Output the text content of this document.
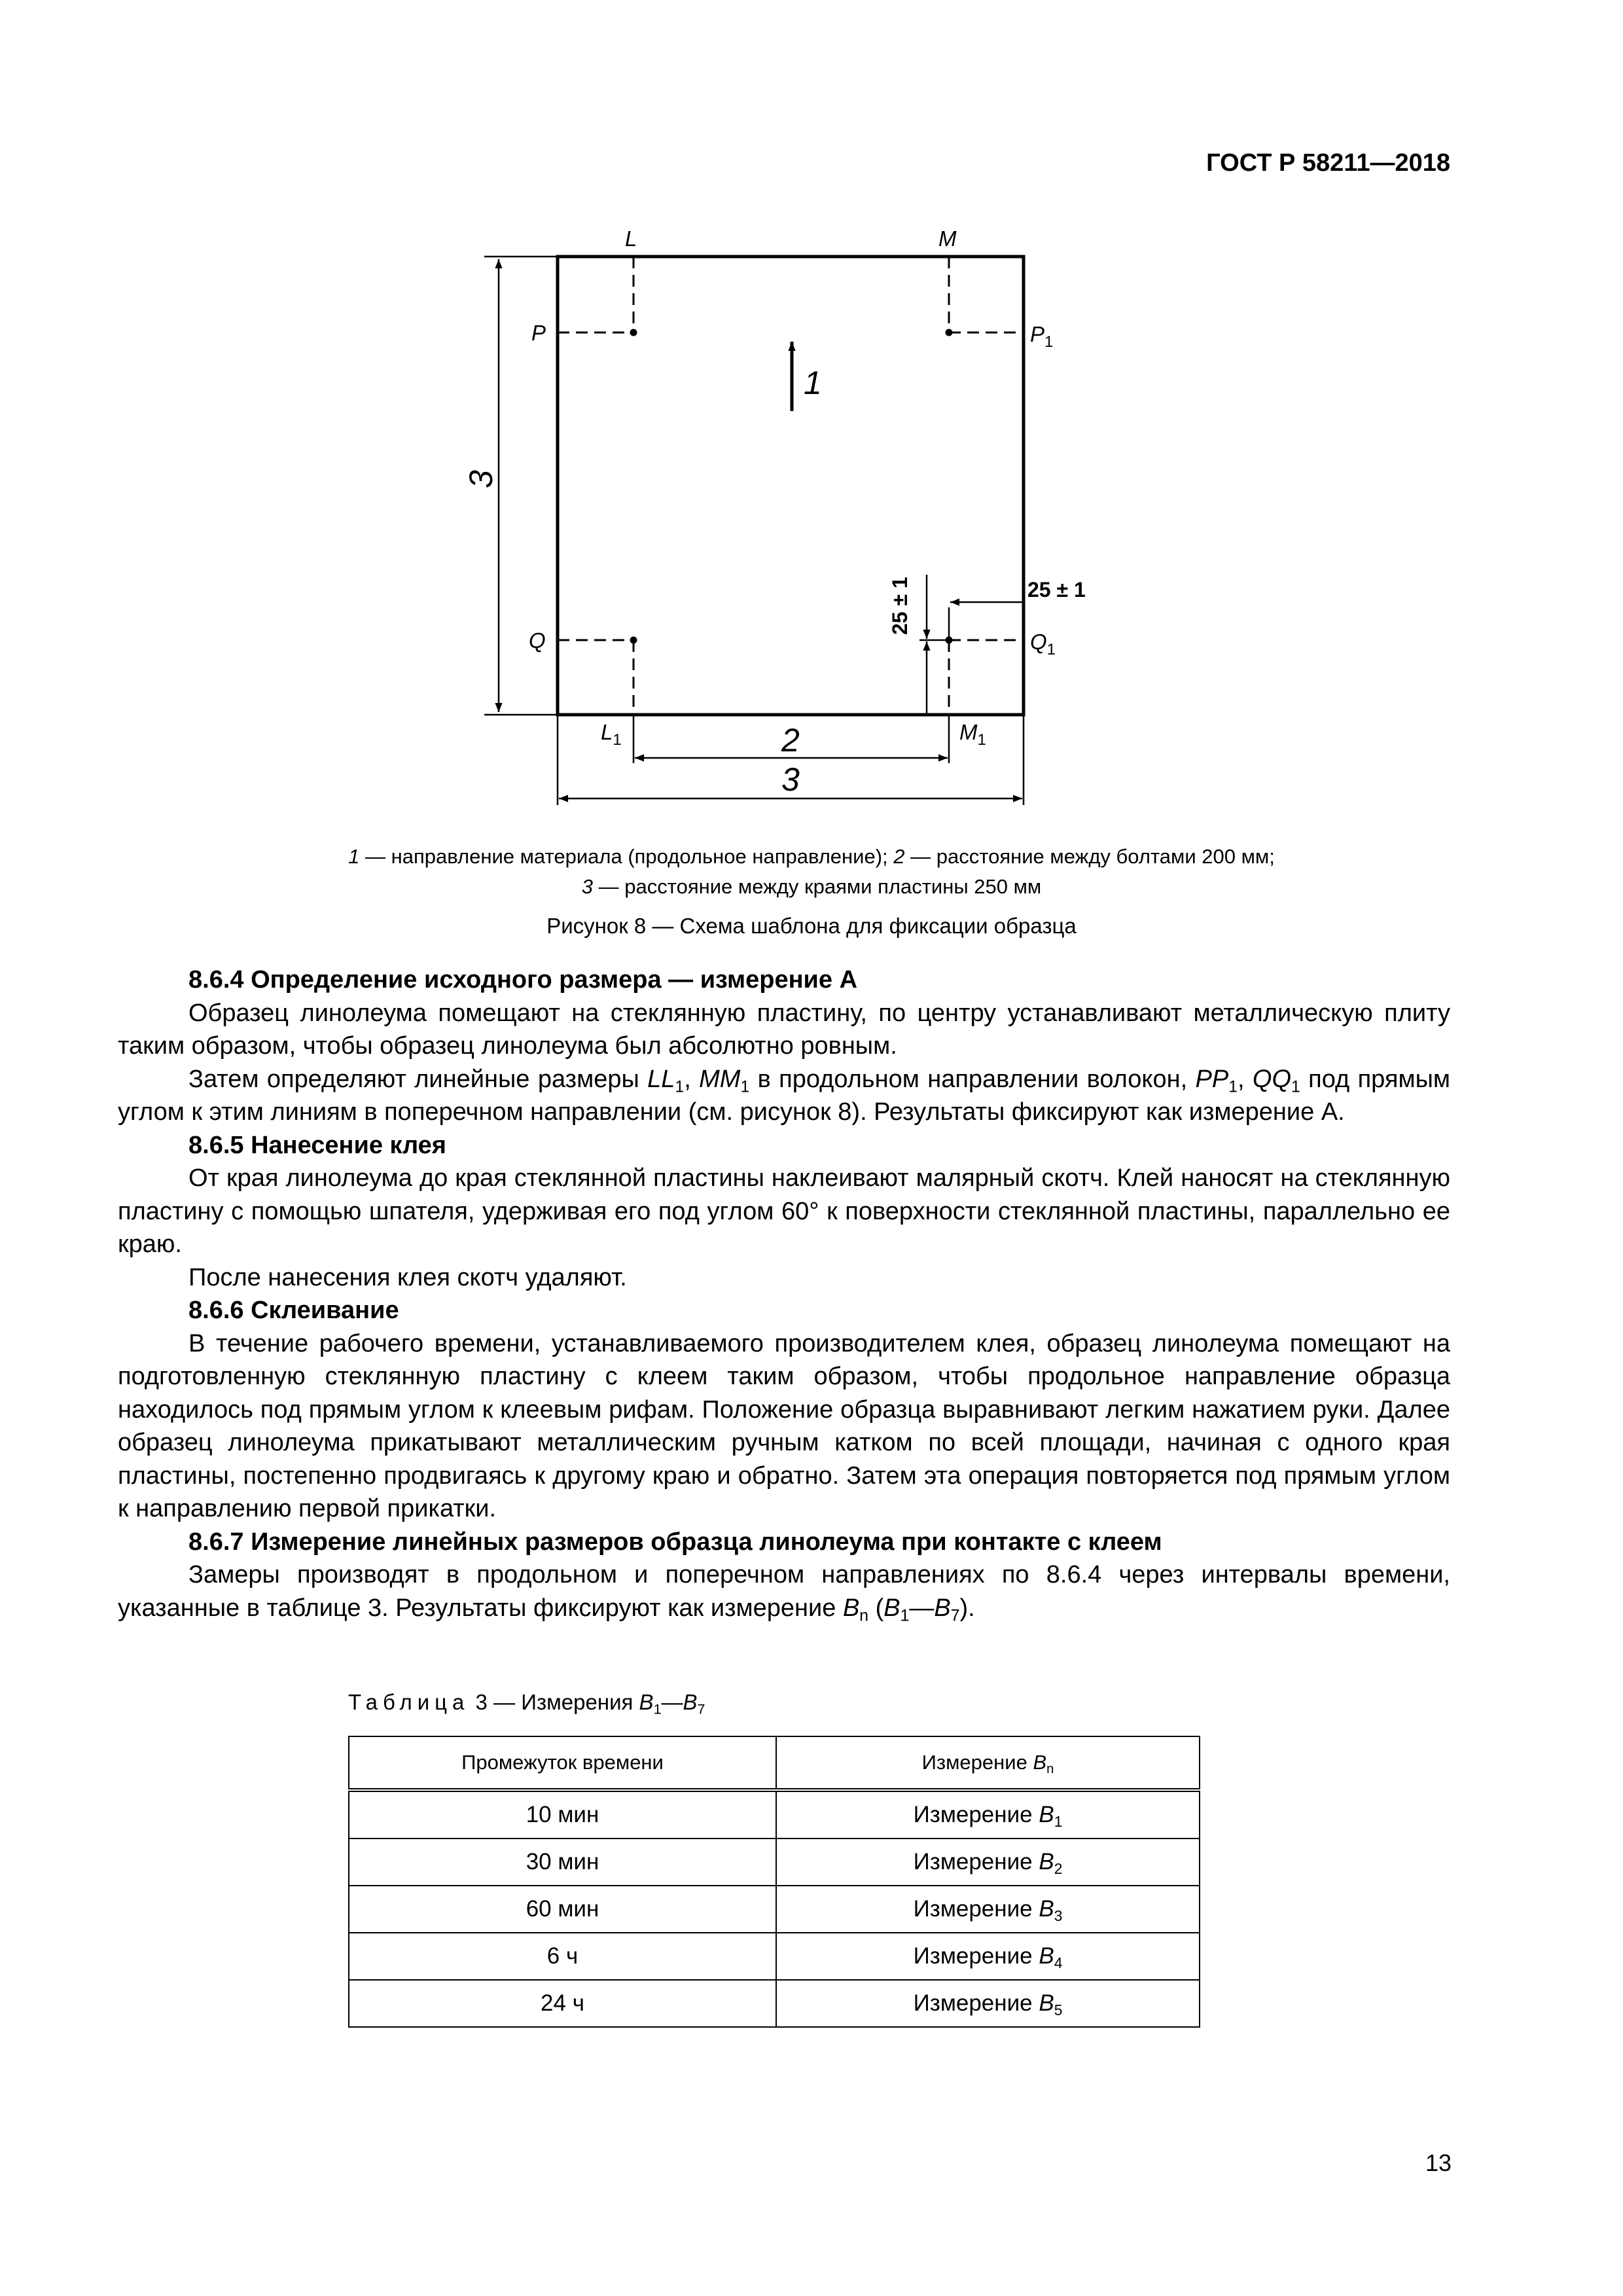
ГОСТ Р 58211—2018
L	M
P	$P_1$
Q	$Q_1$
$L_1$	$M_1$
1
2
3
3
25 ± 1
25 ± 1
1 — направление материала (продольное направление); 2 — расстояние между болтами 200 мм;
3 — расстояние между краями пластины 250 мм
Рисунок 8 — Схема шаблона для фиксации образца
8.6.4 Определение исходного размера — измерение А

Образец линолеума помещают на стеклянную пластину, по центру устанавливают металлическую плиту таким образом, чтобы образец линолеума был абсолютно ровным.

Затем определяют линейные размеры $LL_1$, $MM_1$ в продольном направлении волокон, $PP_1$, $QQ_1$ под прямым углом к этим линиям в поперечном направлении (см. рисунок 8). Результаты фиксируют как измерение А.

8.6.5 Нанесение клея

От края линолеума до края стеклянной пластины наклеивают малярный скотч. Клей наносят на стеклянную пластину с помощью шпателя, удерживая его под углом 60° к поверхности стеклянной пластины, параллельно ее краю.

После нанесения клея скотч удаляют.

8.6.6 Склеивание

В течение рабочего времени, устанавливаемого производителем клея, образец линолеума помещают на подготовленную стеклянную пластину с клеем таким образом, чтобы продольное направление образца находилось под прямым углом к клеевым рифам. Положение образца выравнивают легким нажатием руки. Далее образец линолеума прикатывают металлическим ручным катком по всей площади, начиная с одного края пластины, постепенно продвигаясь к другому краю и обратно. Затем эта операция повторяется под прямым углом к направлению первой прикатки.

8.6.7 Измерение линейных размеров образца линолеума при контакте с клеем

Замеры производят в продольном и поперечном направлениях по 8.6.4 через интервалы времени, указанные в таблице 3. Результаты фиксируют как измерение $B_n$ $(B_1—B_7)$.

Таблица 3 — Измерения $B_1—B_7$
Промежуток времени	Измерение $B_n$
10 мин	Измерение $B_1$
30 мин	Измерение $B_2$
60 мин	Измерение $B_3$
6 ч	Измерение $B_4$
24 ч	Измерение $B_5$
13
